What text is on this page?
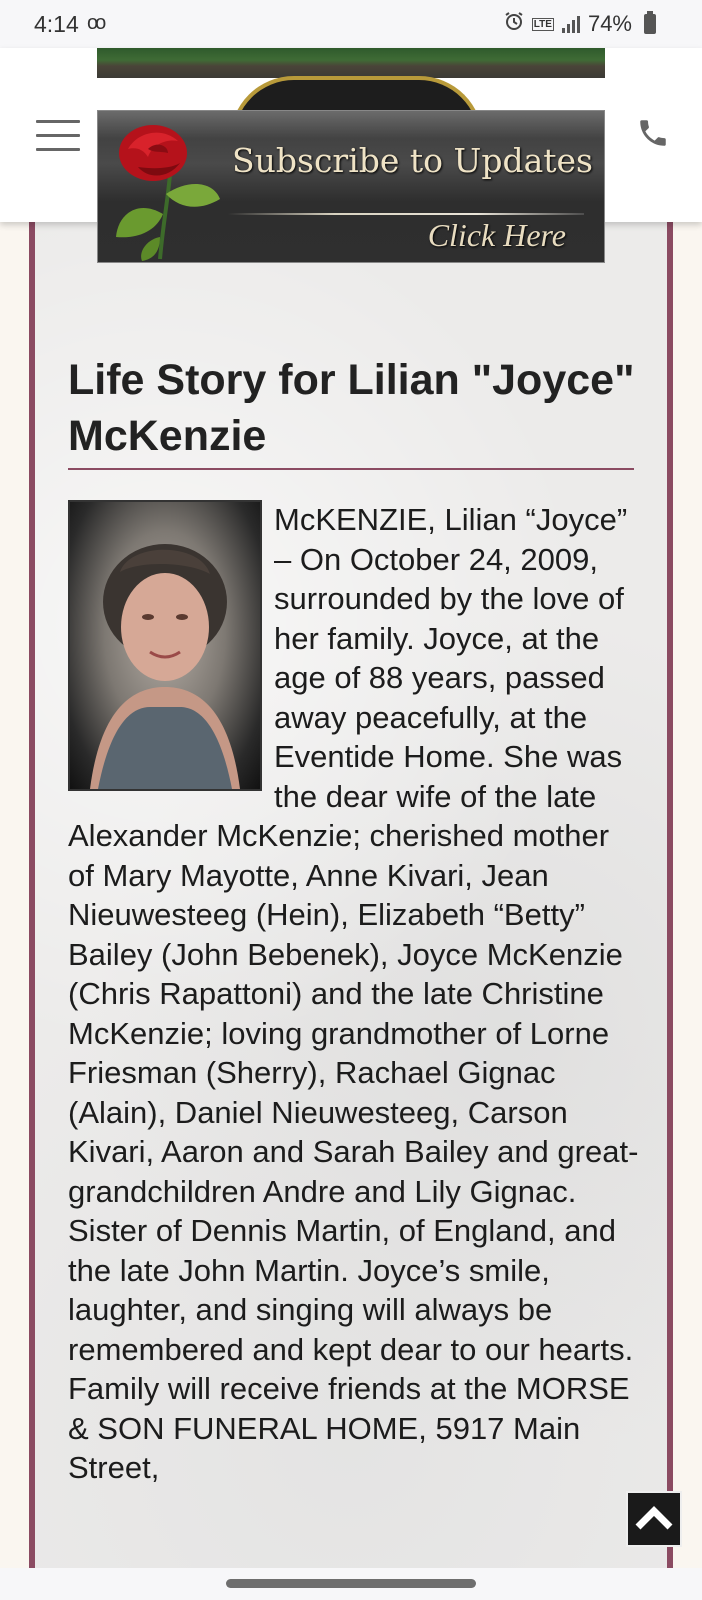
4:14 oo	LTE 74%
Subscribe to Updates
Click Here
Life Story for Lilian "Joyce" McKenzie

McKENZIE, Lilian “Joyce” – On October 24, 2009, surrounded by the love of her family. Joyce, at the age of 88 years, passed away peacefully, at the Eventide Home. She was the dear wife of the late Alexander McKenzie; cherished mother of Mary Mayotte, Anne Kivari, Jean Nieuwesteeg (Hein), Elizabeth “Betty” Bailey (John Bebenek), Joyce McKenzie (Chris Rapattoni) and the late Christine McKenzie; loving grandmother of Lorne Friesman (Sherry), Rachael Gignac (Alain), Daniel Nieuwesteeg, Carson Kivari, Aaron and Sarah Bailey and great-grandchildren Andre and Lily Gignac. Sister of Dennis Martin, of England, and the late John Martin. Joyce’s smile, laughter, and singing will always be remembered and kept dear to our hearts. Family will receive friends at the MORSE & SON FUNERAL HOME, 5917 Main Street,
